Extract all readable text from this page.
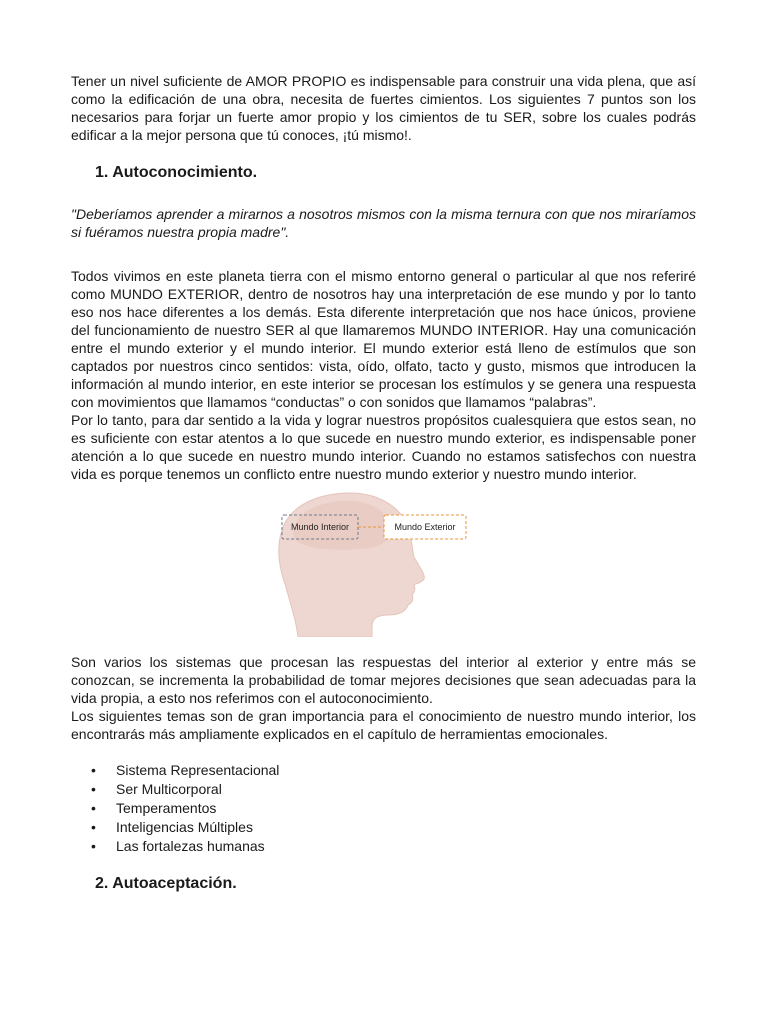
Tener un nivel suficiente de AMOR PROPIO es indispensable para construir una vida plena, que así como la edificación de una obra, necesita de fuertes cimientos. Los siguientes 7 puntos son los necesarios para forjar un fuerte amor propio y los cimientos de tu SER, sobre los cuales podrás edificar a la mejor persona que tú conoces, ¡tú mismo!.

1. Autoconocimiento.

"Deberíamos aprender a mirarnos a nosotros mismos con la misma ternura con que nos miraríamos si fuéramos nuestra propia madre".

Todos vivimos en este planeta tierra con el mismo entorno general o particular al que nos referiré como MUNDO EXTERIOR, dentro de nosotros hay una interpretación de ese mundo y por lo tanto eso nos hace diferentes a los demás. Esta diferente interpretación que nos hace únicos, proviene del funcionamiento de nuestro SER al que llamaremos MUNDO INTERIOR. Hay una comunicación entre el mundo exterior y el mundo interior. El mundo exterior está lleno de estímulos que son captados por nuestros cinco sentidos: vista, oído, olfato, tacto y gusto, mismos que introducen la información al mundo interior, en este interior se procesan los estímulos y se genera una respuesta con movimientos que llamamos “conductas” o con sonidos que llamamos “palabras”.

Por lo tanto, para dar sentido a la vida y lograr nuestros propósitos cualesquiera que estos sean, no es suficiente con estar atentos a lo que sucede en nuestro mundo exterior, es indispensable poner atención a lo que sucede en nuestro mundo interior. Cuando no estamos satisfechos con nuestra vida es porque tenemos un conflicto entre nuestro mundo exterior y nuestro mundo interior.

Mundo Interior	Mundo Exterior

Son varios los sistemas que procesan las respuestas del interior al exterior y entre más se conozcan, se incrementa la probabilidad de tomar mejores decisiones que sean adecuadas para la vida propia, a esto nos referimos con el autoconocimiento.

Los siguientes temas son de gran importancia para el conocimiento de nuestro mundo interior, los encontrarás más ampliamente explicados en el capítulo de herramientas emocionales.

• Sistema Representacional
• Ser Multicorporal
• Temperamentos
• Inteligencias Múltiples
• Las fortalezas humanas
2. Autoaceptación.
